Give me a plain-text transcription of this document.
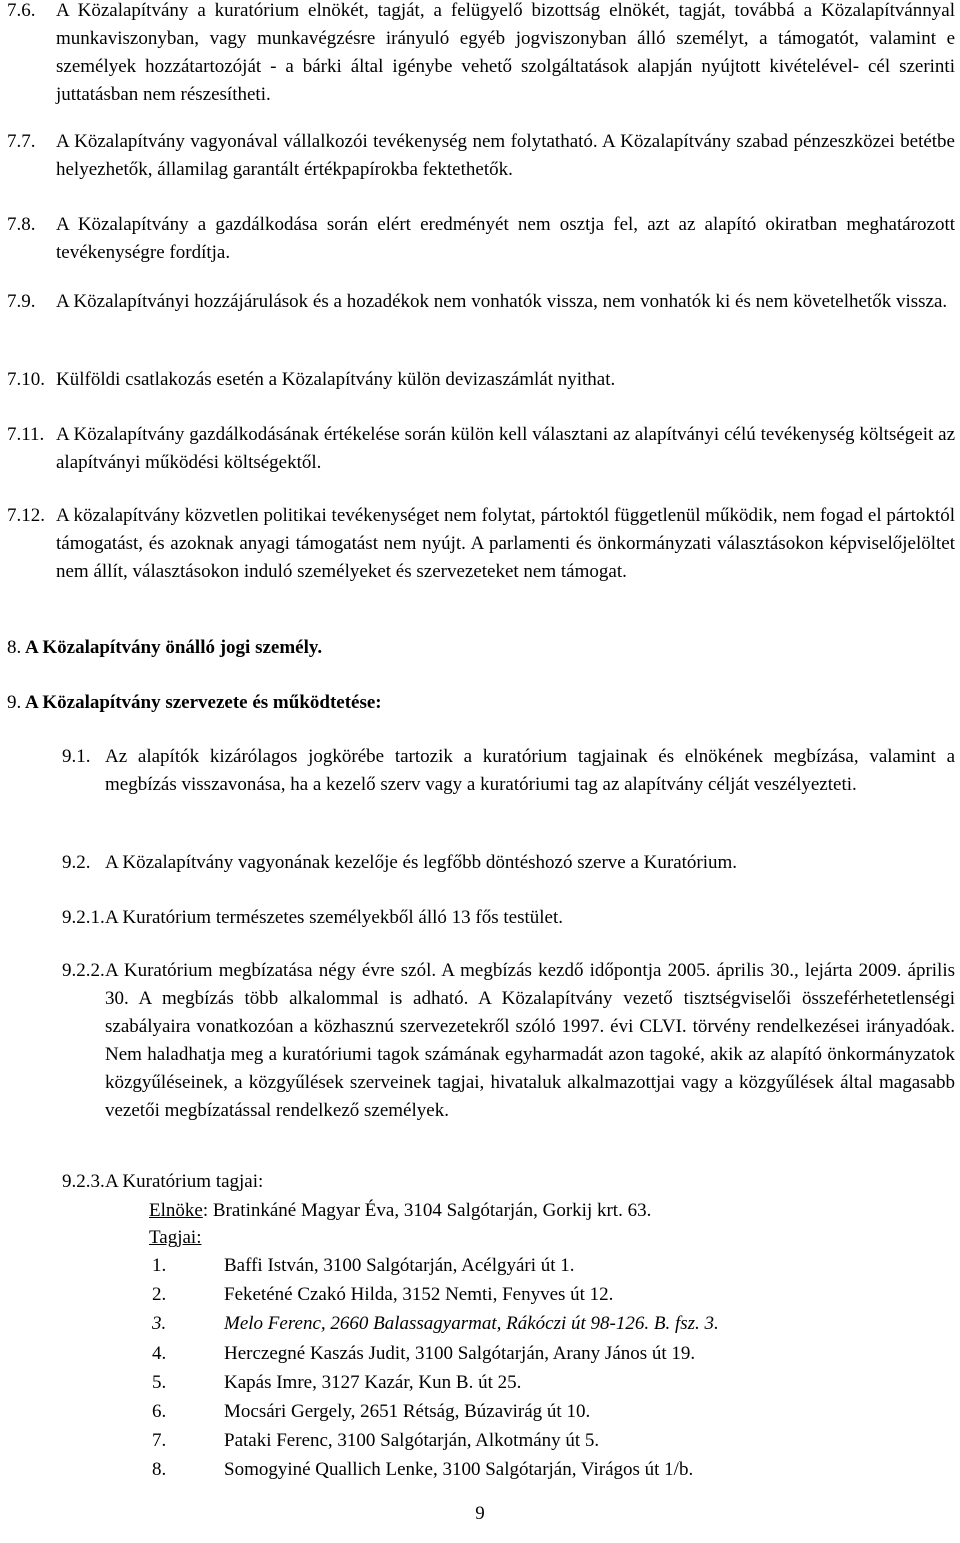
7.6. A Közalapítvány a kuratórium elnökét, tagját, a felügyelő bizottság elnökét, tagját, továbbá a Közalapítvánnyal munkaviszonyban, vagy munkavégzésre irányuló egyéb jogviszonyban álló személyt, a támogatót, valamint e személyek hozzátartozóját - a bárki által igénybe vehető szolgáltatások alapján nyújtott kivételével- cél szerinti juttatásban nem részesítheti.

7.7. A Közalapítvány vagyonával vállalkozói tevékenység nem folytatható. A Közalapítvány szabad pénzeszközei betétbe helyezhetők, államilag garantált értékpapírokba fektethetők.

7.8. A Közalapítvány a gazdálkodása során elért eredményét nem osztja fel, azt az alapító okiratban meghatározott tevékenységre fordítja.

7.9. A Közalapítványi hozzájárulások és a hozadékok nem vonhatók vissza, nem vonhatók ki és nem követelhetők vissza.

7.10. Külföldi csatlakozás esetén a Közalapítvány külön devizaszámlát nyithat.

7.11. A Közalapítvány gazdálkodásának értékelése során külön kell választani az alapítványi célú tevékenység költségeit az alapítványi működési költségektől.

7.12. A közalapítvány közvetlen politikai tevékenységet nem folytat, pártoktól függetlenül működik, nem fogad el pártoktól támogatást, és azoknak anyagi támogatást nem nyújt. A parlamenti és önkormányzati választásokon képviselőjelöltet nem állít, választásokon induló személyeket és szervezeteket nem támogat.

8. A Közalapítvány önálló jogi személy.

9. A Közalapítvány szervezete és működtetése:

9.1. Az alapítók kizárólagos jogkörébe tartozik a kuratórium tagjainak és elnökének megbízása, valamint a megbízás visszavonása, ha a kezelő szerv vagy a kuratóriumi tag az alapítvány célját veszélyezteti.

9.2. A Közalapítvány vagyonának kezelője és legfőbb döntéshozó szerve a Kuratórium.

9.2.1. A Kuratórium természetes személyekből álló 13 fős testület.

9.2.2. A Kuratórium megbízatása négy évre szól. A megbízás kezdő időpontja 2005. április 30., lejárta 2009. április 30. A megbízás több alkalommal is adható. A Közalapítvány vezető tisztségviselői összeférhetetlenségi szabályaira vonatkozóan a közhasznú szervezetekről szóló 1997. évi CLVI. törvény rendelkezései irányadóak. Nem haladhatja meg a kuratóriumi tagok számának egyharmadát azon tagoké, akik az alapító önkormányzatok közgyűléseinek, a közgyűlések szerveinek tagjai, hivataluk alkalmazottjai vagy a közgyűlések által magasabb vezetői megbízatással rendelkező személyek.

9.2.3. A Kuratórium tagjai:

Elnöke: Bratinkáné Magyar Éva, 3104 Salgótarján, Gorkij krt. 63.

Tagjai:

1.	Baffi István, 3100 Salgótarján, Acélgyári út 1.
2.	Feketéné Czakó Hilda, 3152 Nemti, Fenyves út 12.
3.	Melo Ferenc, 2660 Balassagyarmat, Rákóczi út 98-126. B. fsz. 3.
4.	Herczegné Kaszás Judit, 3100 Salgótarján, Arany János út 19.
5.	Kapás Imre, 3127 Kazár, Kun B. út 25.
6.	Mocsári Gergely, 2651 Rétság, Búzavirág út 10.
7.	Pataki Ferenc, 3100 Salgótarján, Alkotmány út 5.
8.	Somogyiné Quallich Lenke, 3100 Salgótarján, Virágos út 1/b.
9
